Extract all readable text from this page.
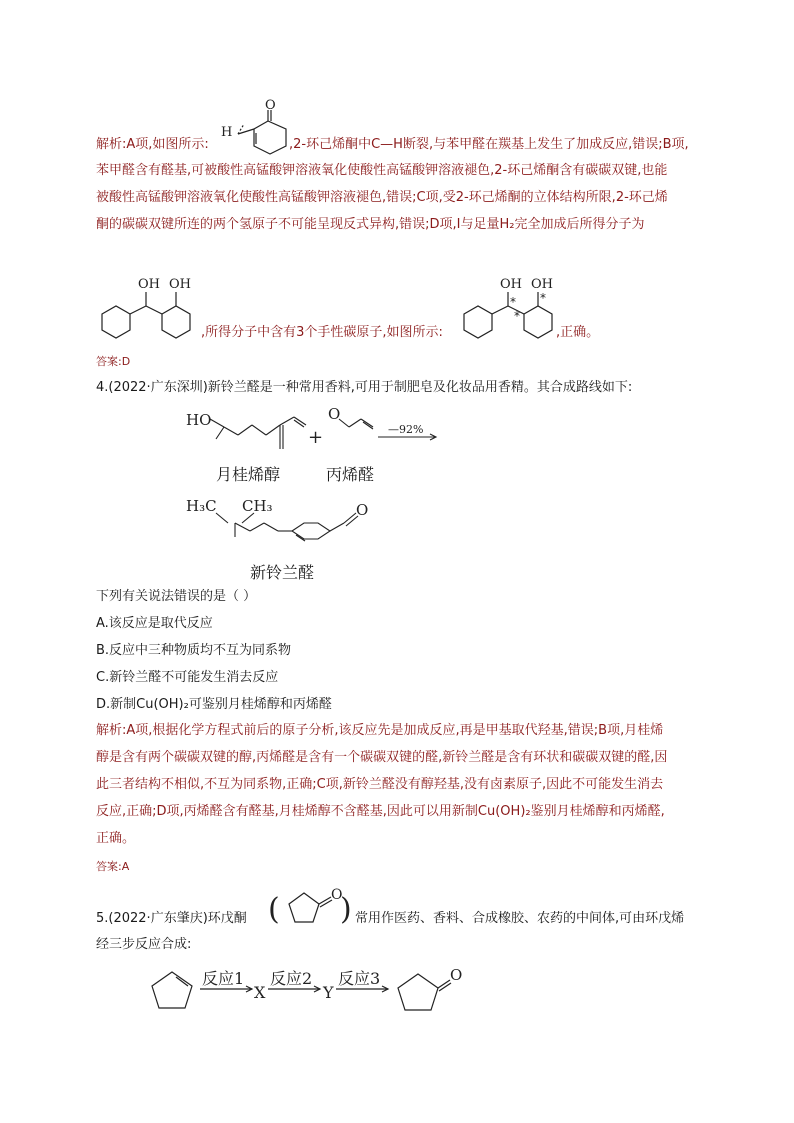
解析:A项,如图所示:
H
O
,2-环己烯酮中C—H断裂,与苯甲醛在羰基上发生了加成反应,错误;B项,
苯甲醛含有醛基,可被酸性高锰酸钾溶液氧化使酸性高锰酸钾溶液褪色,2-环己烯酮含有碳碳双键,也能
被酸性高锰酸钾溶液氧化使酸性高锰酸钾溶液褪色,错误;C项,受2-环己烯酮的立体结构所限,2-环己烯
酮的碳碳双键所连的两个氢原子不可能呈现反式异构,错误;D项,Ⅰ与足量H₂完全加成后所得分子为
OH OH
,所得分子中含有3个手性碳原子,如图所示:
OH OH
* *
*
,正确。
答案:D
4.(2022·广东深圳)新铃兰醛是一种常用香料,可用于制肥皂及化妆品用香精。其合成路线如下:
HO	O
+	—92%
月桂烯醇	丙烯醛
H₃C CH₃	O
新铃兰醛
下列有关说法错误的是（ ）
A.该反应是取代反应
B.反应中三种物质均不互为同系物
C.新铃兰醛不可能发生消去反应
D.新制Cu(OH)₂可鉴别月桂烯醇和丙烯醛
解析:A项,根据化学方程式前后的原子分析,该反应先是加成反应,再是甲基取代羟基,错误;B项,月桂烯
醇是含有两个碳碳双键的醇,丙烯醛是含有一个碳碳双键的醛,新铃兰醛是含有环状和碳碳双键的醛,因
此三者结构不相似,不互为同系物,正确;C项,新铃兰醛没有醇羟基,没有卤素原子,因此不可能发生消去
反应,正确;D项,丙烯醛含有醛基,月桂烯醇不含醛基,因此可以用新制Cu(OH)₂鉴别月桂烯醇和丙烯醛,
正确。
答案:A
5.(2022·广东肇庆)环戊酮 (	O
) 常用作医药、香料、合成橡胶、农药的中间体,可由环戊烯
经三步反应合成:
反应1
X
反应2
Y
反应3	O
